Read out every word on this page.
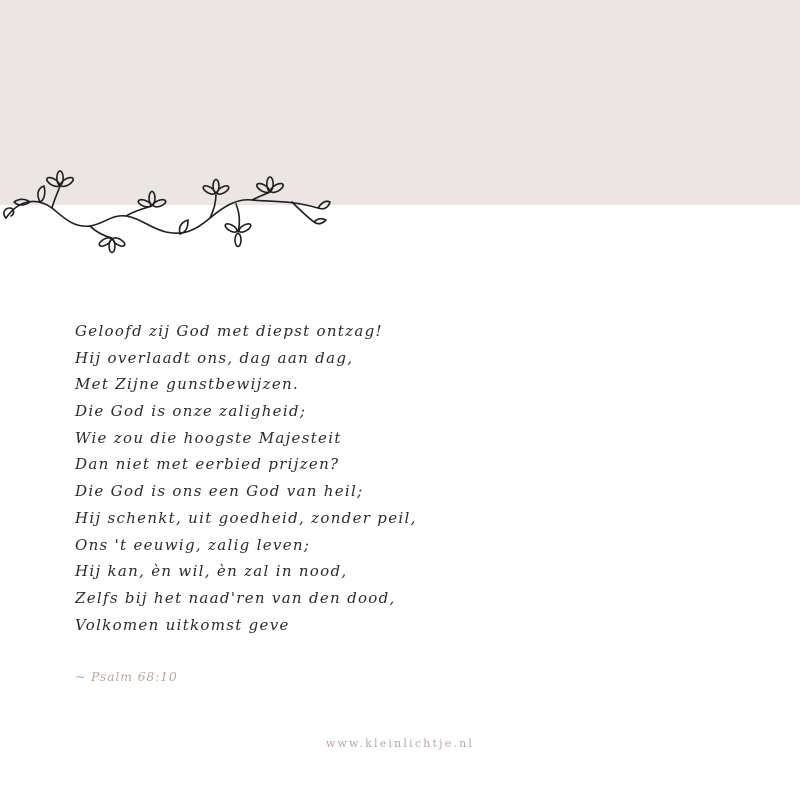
Geloofd zij God met diepst ontzag!
Hij overlaadt ons, dag aan dag,
Met Zijne gunstbewijzen.
Die God is onze zaligheid;
Wie zou die hoogste Majesteit
Dan niet met eerbied prijzen?
Die God is ons een God van heil;
Hij schenkt, uit goedheid, zonder peil,
Ons 't eeuwig, zalig leven;
Hij kan, èn wil, èn zal in nood,
Zelfs bij het naad'ren van den dood,
Volkomen uitkomst geve
~ Psalm 68:10
www.kleinlichtje.nl
